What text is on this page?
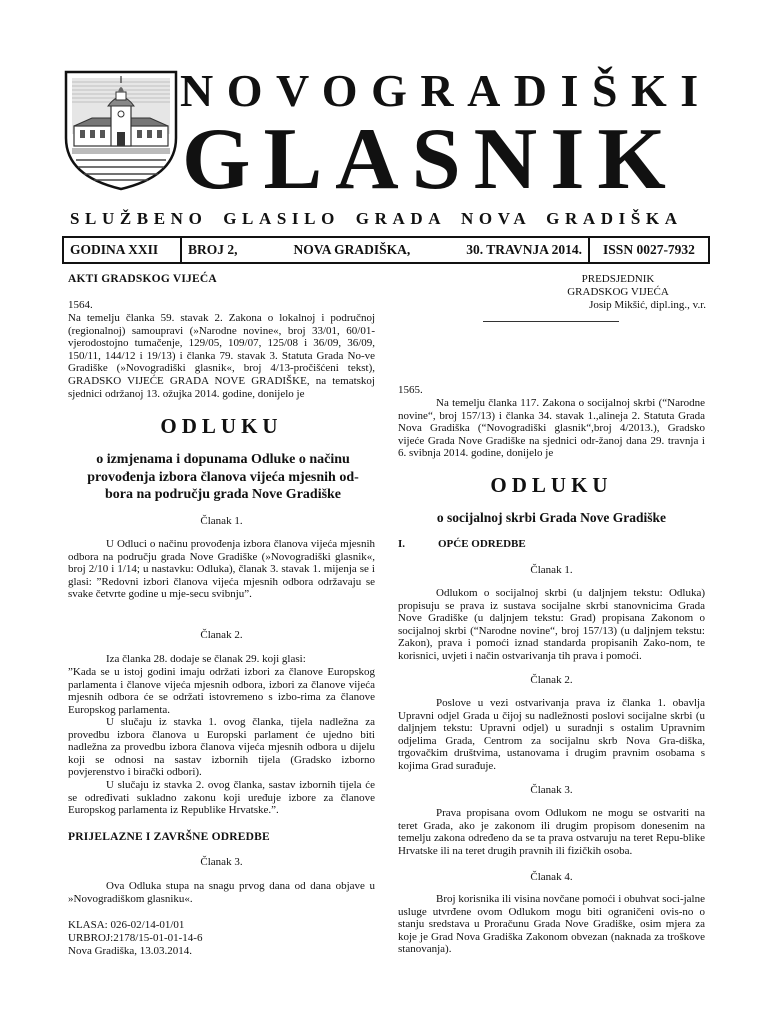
NOVOGRADIŠKI
GLASNIK
SLUŽBENO GLASILO GRADA NOVA GRADIŠKA
GODINA XXII	BROJ 2,	NOVA GRADIŠKA,	30. TRAVNJA 2014.	ISSN 0027-7932
AKTI GRADSKOG VIJEĆA
1564.

Na temelju članka 59. stavak 2. Zakona o lokalnoj i područnoj (regionalnoj) samoupravi (»Narodne novine«, broj 33/01, 60/01-vjerodostojno tumačenje, 129/05, 109/07, 125/08 i 36/09, 36/09, 150/11, 144/12 i 19/13) i članka 79. stavak 3. Statuta Grada No-ve Gradiške (»Novogradiški glasnik«, broj 4/13-pročišćeni tekst), GRADSKO VIJEĆE GRADA NOVE GRADIŠKE, na tematskoj sjednici održanoj 13. ožujka 2014. godine, donijelo je

ODLUKU
o izmjenama i dopunama Odluke o načinu provođenja izbora članova vijeća mjesnih od-bora na području grada Nove Gradiške
Članak 1.

U Odluci o načinu provođenja izbora članova vijeća mjesnih odbora na području grada Nove Gradiške (»Novogradiški glasnik«, broj 2/10 i 1/14; u nastavku: Odluka), članak 3. stavak 1. mijenja se i glasi: ”Redovni izbori članova vijeća mjesnih odbora održavaju se svake četvrte godine u mje-secu svibnju”.

Članak 2.

Iza članka 28. dodaje se članak 29. koji glasi:

”Kada se u istoj godini imaju održati izbori za članove Europskog parlamenta i članove vijeća mjesnih odbora, izbori za članove vijeća mjesnih odbora će se održati istovremeno s izbo-rima za članove Europskog parlamenta.

U slučaju iz stavka 1. ovog članka, tijela nadležna za provedbu izbora članova u Europski parlament će ujedno biti nadležna za provedbu izbora članova vijeća mjesnih odbora u dijelu koji se odnosi na sastav izbornih tijela (Gradsko izborno povjerenstvo i birački odbori).

U slučaju iz stavka 2. ovog članka, sastav izbornih tijela će se određivati sukladno zakonu koji uređuje izbore za članove Europskog parlamenta iz Republike Hrvatske.”.

PRIJELAZNE I ZAVRŠNE ODREDBE
Članak 3.

Ova Odluka stupa na snagu prvog dana od dana objave u »Novogradiškom glasniku«.

KLASA: 026-02/14-01/01
URBROJ:2178/15-01-01-14-6
Nova Gradiška, 13.03.2014.
PREDSJEDNIK
GRADSKOG VIJEĆA
Josip Mikšić, dipl.ing., v.r.
1565.

Na temelju članka 117. Zakona o socijalnoj skrbi (“Narodne novine“, broj 157/13) i članka 34. stavak 1.,alineja 2. Statuta Grada Nova Gradiška (“Novogradiški glasnik“,broj 4/2013.), Gradsko vijeće Grada Nove Gradiške na sjednici odr-žanoj dana 29. travnja i 6. svibnja 2014. godine, donijelo je

ODLUKU
o socijalnoj skrbi Grada Nove Gradiške
I.	OPĆE ODREDBE
Članak 1.

Odlukom o socijalnoj skrbi (u daljnjem tekstu: Odluka) propisuju se prava iz sustava socijalne skrbi stanovnicima Grada Nove Gradiške (u daljnjem tekstu: Grad) propisana Zakonom o socijalnoj skrbi (“Narodne novine“, broj 157/13) (u daljnjem tekstu: Zakon), prava i pomoći iznad standarda propisanih Zako-nom, te korisnici, uvjeti i način ostvarivanja tih prava i pomoći.

Članak 2.

Poslove u vezi ostvarivanja prava iz članka 1. obavlja Upravni odjel Grada u čijoj su nadležnosti poslovi socijalne skrbi (u daljnjem tekstu: Upravni odjel) u suradnji s ostalim Upravnim odjelima Grada, Centrom za socijalnu skrb Nova Gra-diška, trgovačkim društvima, ustanovama i drugim pravnim osobama s kojima Grad surađuje.

Članak 3.

Prava propisana ovom Odlukom ne mogu se ostvariti na teret Grada, ako je zakonom ili drugim propisom donesenim na temelju zakona određeno da se ta prava ostvaruju na teret Repu-blike Hrvatske ili na teret drugih pravnih ili fizičkih osoba.

Članak 4.

Broj korisnika ili visina novčane pomoći i obuhvat soci-jalne usluge utvrđene ovom Odlukom mogu biti ograničeni ovis-no o stanju sredstava u Proračunu Grada Nove Gradiške, osim mjera za koje je Grad Nova Gradiška Zakonom obvezan (naknada za troškove stanovanja).
